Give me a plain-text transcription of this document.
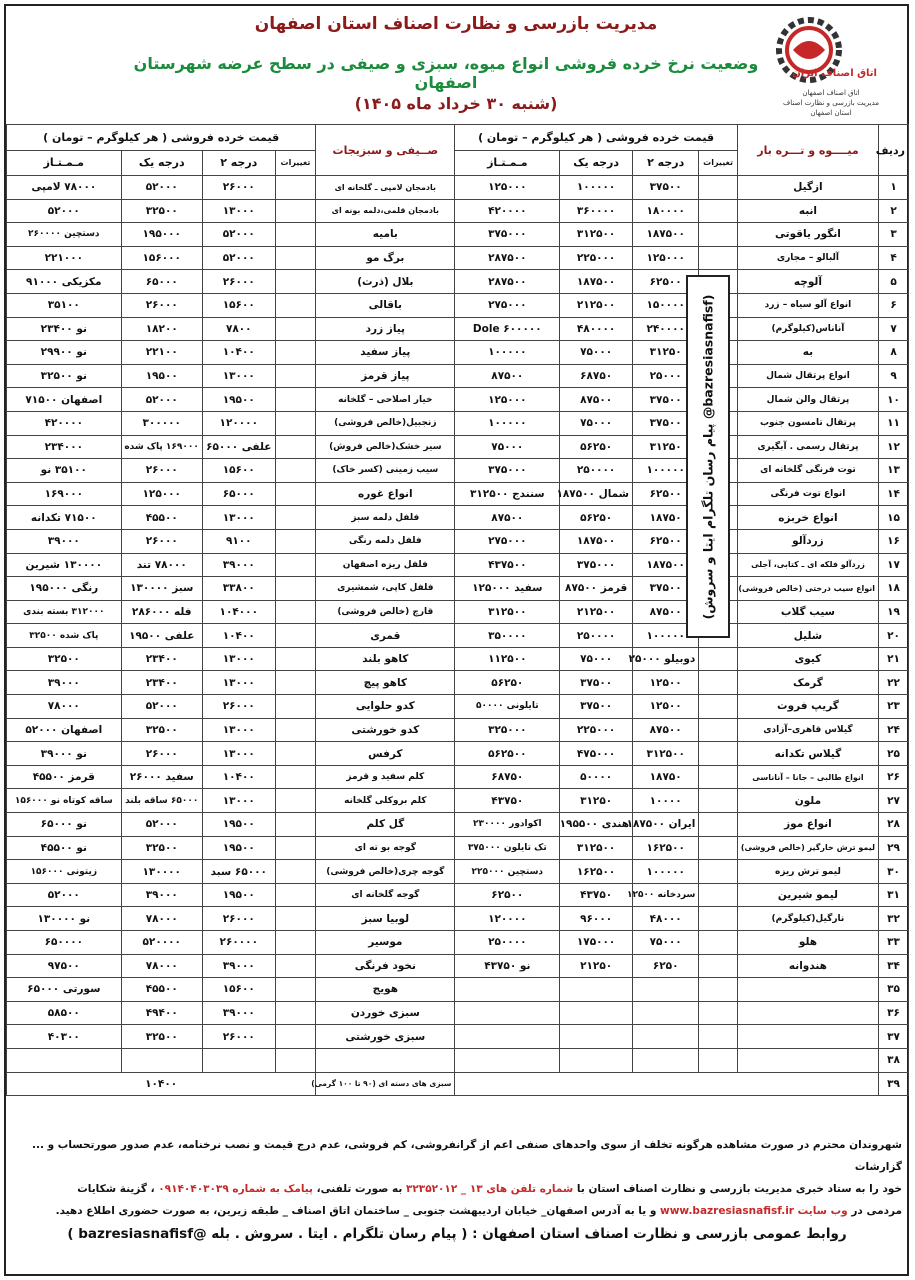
مدیریت بازرسی و نظارت اصناف استان اصفهان
وضعیت نرخ خرده فروشی انواع میوه، سبزی و صیفی در سطح عرضه شهرستان اصفهان
(شنبه ۳۰ خرداد ماه ۱۴۰۵)
اتاق اصناف ایران
اتاق اصناف اصفهان
مدیریت بازرسی و نظارت اصناف
استان اصفهان
ردیف	میــــوه و تـــره بار	قیمت خرده فروشی ( هر کیلوگرم – تومان )				صــیفی و سبزیجات	قیمت خرده فروشی ( هر کیلوگرم – تومان )			
		تغییرات	درجه ۲	درجه یک	مـمـتـاز		تغییرات	درجه ۲	درجه یک	مـمـتـاز
۱	ازگیل		۳۷۵۰۰	۱۰۰۰۰۰	۱۲۵۰۰۰	بادمجان لامپی ـ گلخانه ای		۲۶۰۰۰	۵۲۰۰۰	۷۸۰۰۰ لامپی
۲	انبه		۱۸۰۰۰۰	۳۶۰۰۰۰	۴۲۰۰۰۰	بادمجان قلمی،دلمه بونه ای		۱۳۰۰۰	۳۲۵۰۰	۵۲۰۰۰
۳	انگور یاقوتی		۱۸۷۵۰۰	۳۱۲۵۰۰	۳۷۵۰۰۰	بامیه		۵۲۰۰۰	۱۹۵۰۰۰	دستچین ۲۶۰۰۰۰
۴	آلبالو – مجاری		۱۲۵۰۰۰	۲۲۵۰۰۰	۲۸۷۵۰۰	برگ مو		۵۲۰۰۰	۱۵۶۰۰۰	۲۲۱۰۰۰
۵	آلوچه		۶۲۵۰۰	۱۸۷۵۰۰	۲۸۷۵۰۰	بلال (ذرت)		۲۶۰۰۰	۶۵۰۰۰	مکزیکی ۹۱۰۰۰
۶	انواع آلو سیاه – زرد		۱۵۰۰۰۰	۲۱۲۵۰۰	۲۷۵۰۰۰	باقالی		۱۵۶۰۰	۲۶۰۰۰	۳۵۱۰۰
۷	آناناس(کیلوگرم)		۲۴۰۰۰۰	۴۸۰۰۰۰	Dole ۶۰۰۰۰۰	پیاز زرد		۷۸۰۰	۱۸۲۰۰	نو ۲۳۴۰۰
۸	به		۳۱۲۵۰	۷۵۰۰۰	۱۰۰۰۰۰	پیاز سفید		۱۰۴۰۰	۲۲۱۰۰	نو ۲۹۹۰۰
۹	انواع پرتقال شمال		۲۵۰۰۰	۶۸۷۵۰	۸۷۵۰۰	پیاز قرمز		۱۳۰۰۰	۱۹۵۰۰	نو ۳۲۵۰۰
۱۰	پرتقال والن شمال		۳۷۵۰۰	۸۷۵۰۰	۱۲۵۰۰۰	خیار اصلاحی – گلخانه		۱۹۵۰۰	۵۲۰۰۰	اصفهان ۷۱۵۰۰
۱۱	پرتقال تامسون جنوب		۳۷۵۰۰	۷۵۰۰۰	۱۰۰۰۰۰	زنجبیل(خالص فروشی)		۱۲۰۰۰۰	۳۰۰۰۰۰	۴۲۰۰۰۰
۱۲	پرتقال رسمی . آبگیری		۳۱۲۵۰	۵۶۲۵۰	۷۵۰۰۰	سیر خشک(خالص فروش)		علفی ۶۵۰۰۰	۱۶۹۰۰۰ پاک شده	۲۳۴۰۰۰
۱۳	توت فرنگی گلخانه ای		۱۰۰۰۰۰	۲۵۰۰۰۰	۳۷۵۰۰۰	سیب زمینی (کسر خاک)		۱۵۶۰۰	۲۶۰۰۰	۳۵۱۰۰ نو
۱۴	انواع توت فرنگی		۶۲۵۰۰	شمال ۱۸۷۵۰۰	سنندج ۳۱۲۵۰۰	انواع غوره		۶۵۰۰۰	۱۲۵۰۰۰	۱۶۹۰۰۰
۱۵	انواع خربزه		۱۸۷۵۰	۵۶۲۵۰	۸۷۵۰۰	فلفل دلمه سبز		۱۳۰۰۰	۴۵۵۰۰	۷۱۵۰۰ تکدانه
۱۶	زردآلو		۶۲۵۰۰	۱۸۷۵۰۰	۲۷۵۰۰۰	فلفل دلمه رنگی		۹۱۰۰	۲۶۰۰۰	۳۹۰۰۰
۱۷	زردآلو فلکه ای ـ کتابی، آجلی		۱۸۷۵۰۰	۳۷۵۰۰۰	۴۳۷۵۰۰	فلفل ریزه اصفهان		۳۹۰۰۰	۷۸۰۰۰ تند	۱۳۰۰۰۰ شیرین
۱۸	انواع سیب درختی (خالص فروشی)		۳۷۵۰۰	قرمز ۸۷۵۰۰	سفید ۱۲۵۰۰۰	فلفل کاپی، شمشیری		۳۳۸۰۰	سبز ۱۳۰۰۰۰	رنگی ۱۹۵۰۰۰
۱۹	سیب گلاب		۸۷۵۰۰	۲۱۲۵۰۰	۳۱۲۵۰۰	قارچ (خالص فروشی)		۱۰۴۰۰۰	فله ۲۸۶۰۰۰	۳۱۲۰۰۰ بسته بندی
۲۰	شلیل		۱۰۰۰۰۰	۲۵۰۰۰۰	۳۵۰۰۰۰	قمری		۱۰۴۰۰	علفی ۱۹۵۰۰	پاک شده ۳۲۵۰۰
۲۱	کیوی		دوبیلو ۲۵۰۰۰	۷۵۰۰۰	۱۱۲۵۰۰	کاهو بلند		۱۳۰۰۰	۲۳۴۰۰	۳۲۵۰۰
۲۲	گرمک		۱۲۵۰۰	۳۷۵۰۰	۵۶۲۵۰	کاهو پیچ		۱۳۰۰۰	۲۳۴۰۰	۳۹۰۰۰
۲۳	گریپ فروت		۱۲۵۰۰	۳۷۵۰۰	تایلونی ۵۰۰۰۰	کدو حلوایی		۲۶۰۰۰	۵۲۰۰۰	۷۸۰۰۰
۲۴	گیلاس قاهری–آزادی		۸۷۵۰۰	۲۲۵۰۰۰	۳۲۵۰۰۰	کدو خورشتی		۱۳۰۰۰	۳۲۵۰۰	اصفهان ۵۲۰۰۰
۲۵	گیلاس تکدانه		۳۱۲۵۰۰	۴۷۵۰۰۰	۵۶۲۵۰۰	کرفس		۱۳۰۰۰	۲۶۰۰۰	نو ۳۹۰۰۰
۲۶	انواع طالبی – جانا – آناناسی		۱۸۷۵۰	۵۰۰۰۰	۶۸۷۵۰	کلم سفید و قرمز		۱۰۴۰۰	سفید ۲۶۰۰۰	قرمز ۴۵۵۰۰
۲۷	ملون		۱۰۰۰۰	۳۱۲۵۰	۴۳۷۵۰	کلم بروکلی گلخانه		۱۳۰۰۰	۶۵۰۰۰ ساقه بلند	ساقه کوتاه نو ۱۵۶۰۰۰
۲۸	انواع موز		ایران ۱۸۷۵۰۰	هندی ۱۹۵۵۰۰	اکوادور ۲۳۰۰۰۰	گل کلم		۱۹۵۰۰	۵۲۰۰۰	نو ۶۵۰۰۰
۲۹	لیمو ترش خارگیر (خالص فروشی)		۱۶۲۵۰۰	۳۱۲۵۰۰	تک تایلون ۳۷۵۰۰۰	گوجه بو ته ای		۱۹۵۰۰	۳۲۵۰۰	نو ۴۵۵۰۰
۳۰	لیمو ترش ریزه		۱۰۰۰۰۰	۱۶۲۵۰۰	دستچین ۲۲۵۰۰۰	گوجه چری(خالص فروشی)		۶۵۰۰۰ سبد	۱۳۰۰۰۰	زیتونی ۱۵۶۰۰۰
۳۱	لیمو شیرین		سردخانه ۱۲۵۰۰	۴۳۷۵۰	۶۲۵۰۰	گوجه گلخانه ای		۱۹۵۰۰	۳۹۰۰۰	۵۲۰۰۰
۳۲	نارگیل(کیلوگرم)		۴۸۰۰۰	۹۶۰۰۰	۱۲۰۰۰۰	لوبیا سبز		۲۶۰۰۰	۷۸۰۰۰	نو ۱۳۰۰۰۰
۳۳	هلو		۷۵۰۰۰	۱۷۵۰۰۰	۲۵۰۰۰۰	موسیر		۲۶۰۰۰۰	۵۲۰۰۰۰	۶۵۰۰۰۰
۳۴	هندوانه		۶۲۵۰	۲۱۲۵۰	نو ۴۳۷۵۰	نخود فرنگی		۳۹۰۰۰	۷۸۰۰۰	۹۷۵۰۰
۳۵						هویج		۱۵۶۰۰	۴۵۵۰۰	سورتی ۶۵۰۰۰
۳۶						سبزی خوردن		۳۹۰۰۰	۴۹۴۰۰	۵۸۵۰۰
۳۷						سبزی خورشتی		۲۶۰۰۰	۳۲۵۰۰	۴۰۳۰۰
۳۸										
۳۹						سبزی های دسته ای (۹۰ تا ۱۰۰ گرمی)	۱۰۴۰۰			
(پیام رسان تلگرام ایتا و سروش @bazresiasnafisf)
شهروندان محترم در صورت مشاهده هرگونه تخلف از سوی واحدهای صنفی اعم از گرانفروشی، کم فروشی، عدم درج قیمت و نصب نرخنامه، عدم صدور صورتحساب و ... گزارشات
خود را به ستاد خبری مدیریت بازرسی و نظارت اصناف استان با شماره تلفن های ۱۳ _ ۳۲۳۵۲۰۱۲ به صورت تلفنی، پیامک به شماره ۰۹۱۴۰۴۰۳۰۳۹ ، گزینة شکایات
مردمی در وب سایت www.bazresiasnafisf.ir و یا به آدرس اصفهان_ خیابان اردیبهشت جنوبی _ ساختمان اتاق اصناف _ طبقه زیرین، به صورت حضوری اطلاع دهید.
روابط عمومی بازرسی و نظارت اصناف استان اصفهان : ( پیام رسان تلگرام . ایتا . سروش . بله @bazresiasnafisf )
